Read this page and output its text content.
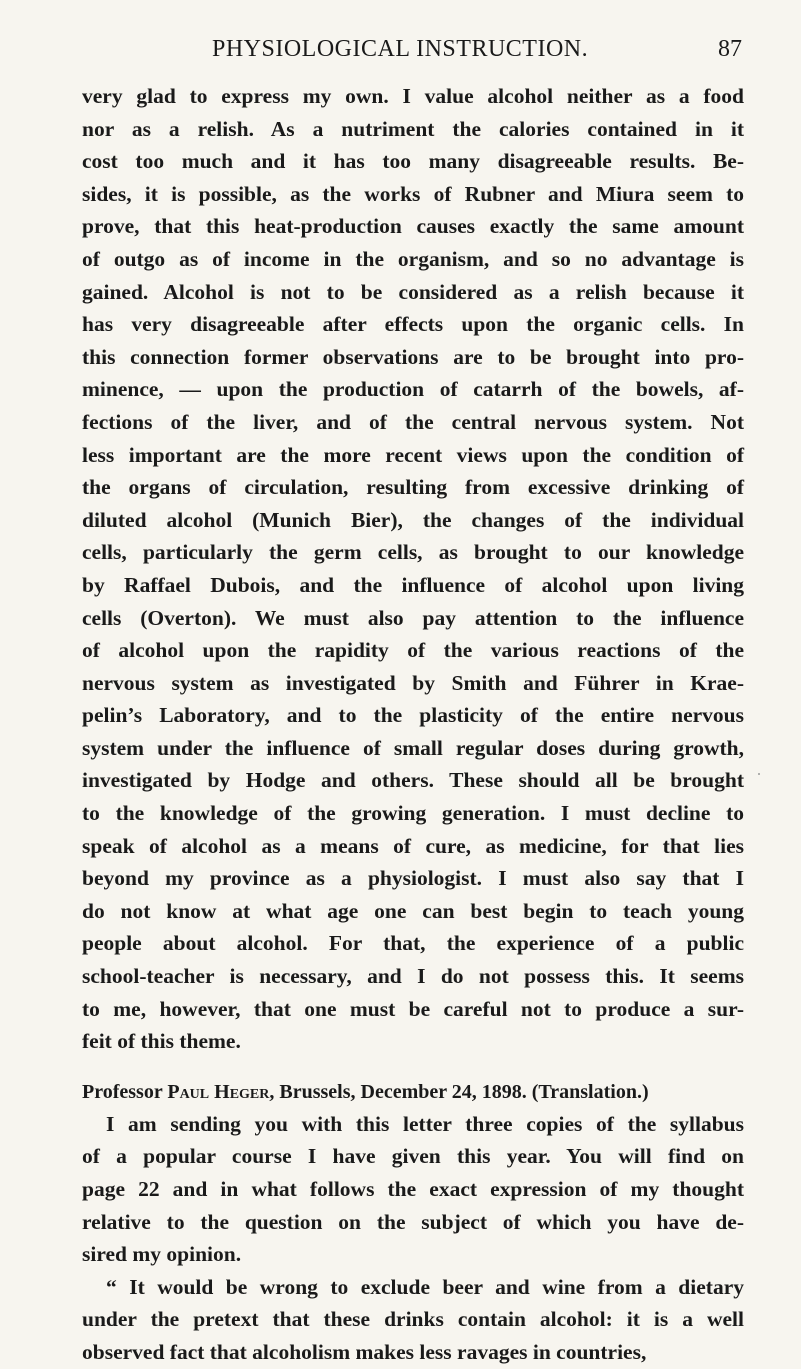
PHYSIOLOGICAL INSTRUCTION.	87

very glad to express my own. I value alcohol neither as a food
nor as a relish. As a nutriment the calories contained in it
cost too much and it has too many disagreeable results. Be-
sides, it is possible, as the works of Rubner and Miura seem to
prove, that this heat-production causes exactly the same amount
of outgo as of income in the organism, and so no advantage is
gained. Alcohol is not to be considered as a relish because it
has very disagreeable after effects upon the organic cells. In
this connection former observations are to be brought into pro-
minence, — upon the production of catarrh of the bowels, af-
fections of the liver, and of the central nervous system. Not
less important are the more recent views upon the condition of
the organs of circulation, resulting from excessive drinking of
diluted alcohol (Munich Bier), the changes of the individual
cells, particularly the germ cells, as brought to our knowledge
by Raffael Dubois, and the influence of alcohol upon living
cells (Overton). We must also pay attention to the influence
of alcohol upon the rapidity of the various reactions of the
nervous system as investigated by Smith and Führer in Krae-
pelin’s Laboratory, and to the plasticity of the entire nervous
system under the influence of small regular doses during growth,
investigated by Hodge and others. These should all be brought
to the knowledge of the growing generation. I must decline to
speak of alcohol as a means of cure, as medicine, for that lies
beyond my province as a physiologist. I must also say that I
do not know at what age one can best begin to teach young
people about alcohol. For that, the experience of a public
school-teacher is necessary, and I do not possess this. It seems
to me, however, that one must be careful not to produce a sur-
feit of this theme.

Professor Paul Heger, Brussels, December 24, 1898. (Translation.)

I am sending you with this letter three copies of the syllabus
of a popular course I have given this year. You will find on
page 22 and in what follows the exact expression of my thought
relative to the question on the subject of which you have de-
sired my opinion.

“ It would be wrong to exclude beer and wine from a dietary
under the pretext that these drinks contain alcohol: it is a well
observed fact that alcoholism makes less ravages in countries,
